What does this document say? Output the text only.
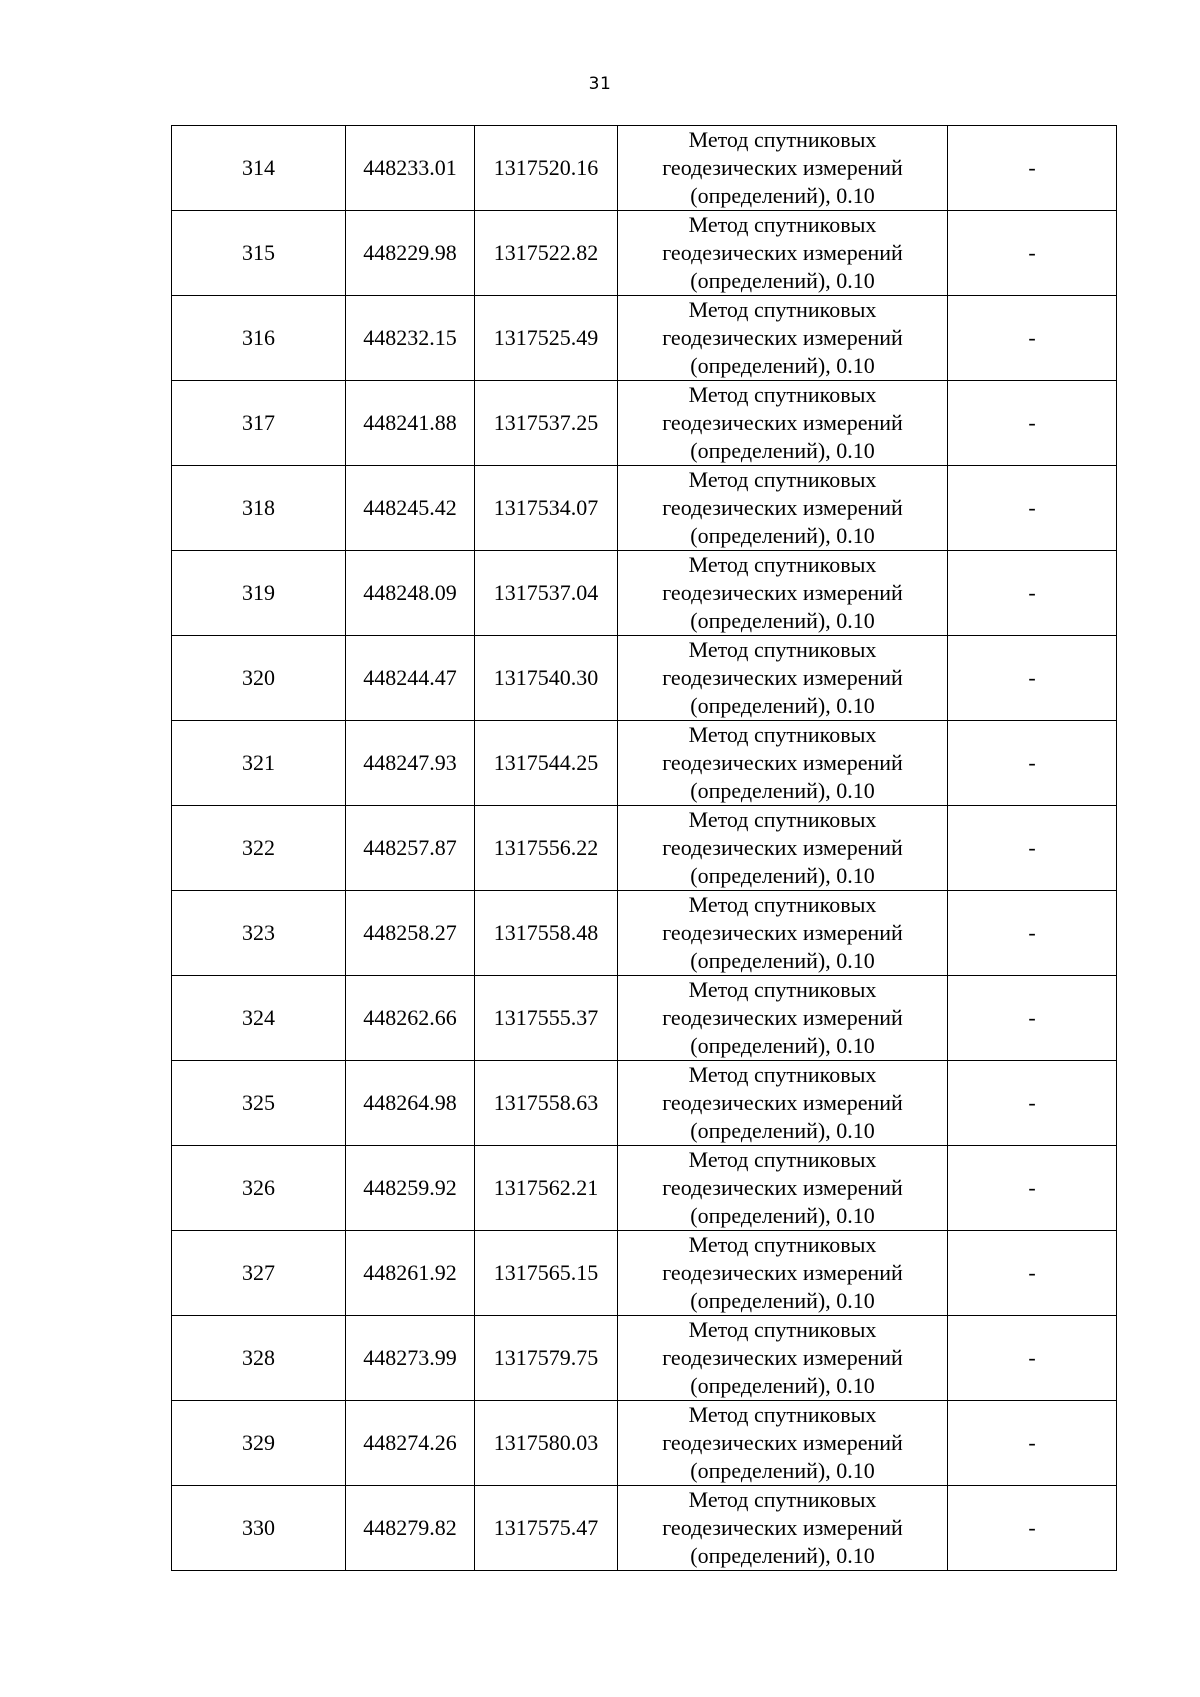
31
314	448233.01	1317520.16	Метод спутниковых
геодезических измерений
(определений), 0.10	-
315	448229.98	1317522.82	Метод спутниковых
геодезических измерений
(определений), 0.10	-
316	448232.15	1317525.49	Метод спутниковых
геодезических измерений
(определений), 0.10	-
317	448241.88	1317537.25	Метод спутниковых
геодезических измерений
(определений), 0.10	-
318	448245.42	1317534.07	Метод спутниковых
геодезических измерений
(определений), 0.10	-
319	448248.09	1317537.04	Метод спутниковых
геодезических измерений
(определений), 0.10	-
320	448244.47	1317540.30	Метод спутниковых
геодезических измерений
(определений), 0.10	-
321	448247.93	1317544.25	Метод спутниковых
геодезических измерений
(определений), 0.10	-
322	448257.87	1317556.22	Метод спутниковых
геодезических измерений
(определений), 0.10	-
323	448258.27	1317558.48	Метод спутниковых
геодезических измерений
(определений), 0.10	-
324	448262.66	1317555.37	Метод спутниковых
геодезических измерений
(определений), 0.10	-
325	448264.98	1317558.63	Метод спутниковых
геодезических измерений
(определений), 0.10	-
326	448259.92	1317562.21	Метод спутниковых
геодезических измерений
(определений), 0.10	-
327	448261.92	1317565.15	Метод спутниковых
геодезических измерений
(определений), 0.10	-
328	448273.99	1317579.75	Метод спутниковых
геодезических измерений
(определений), 0.10	-
329	448274.26	1317580.03	Метод спутниковых
геодезических измерений
(определений), 0.10	-
330	448279.82	1317575.47	Метод спутниковых
геодезических измерений
(определений), 0.10	-
